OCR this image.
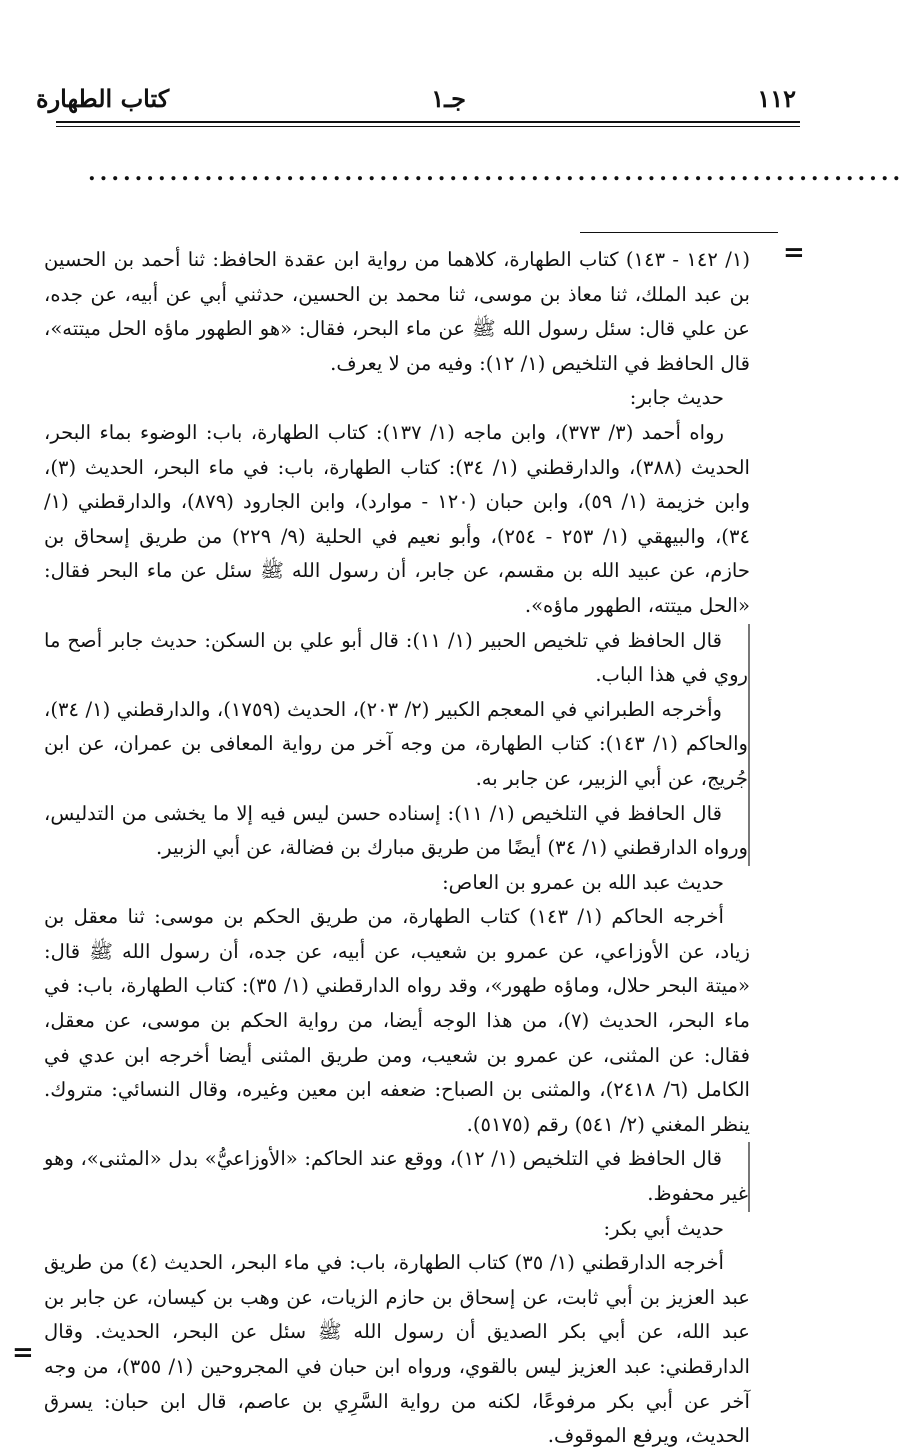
١١٢
جـ١
كتاب الطهارة
......................................................................
=

(١/ ١٤٢ - ١٤٣) كتاب الطهارة، كلاهما من رواية ابن عقدة الحافظ: ثنا أحمد بن الحسين بن عبد الملك، ثنا معاذ بن موسى، ثنا محمد بن الحسين، حدثني أبي عن أبيه، عن جده، عن علي قال: سئل رسول الله ﷺ عن ماء البحر، فقال: «هو الطهور ماؤه الحل ميتته»، قال الحافظ في التلخيص (١/ ١٢): وفيه من لا يعرف.

حديث جابر:

رواه أحمد (٣/ ٣٧٣)، وابن ماجه (١/ ١٣٧): كتاب الطهارة، باب: الوضوء بماء البحر، الحديث (٣٨٨)، والدارقطني (١/ ٣٤): كتاب الطهارة، باب: في ماء البحر، الحديث (٣)، وابن خزيمة (١/ ٥٩)، وابن حبان (١٢٠ - موارد)، وابن الجارود (٨٧٩)، والدارقطني (١/ ٣٤)، والبيهقي (١/ ٢٥٣ - ٢٥٤)، وأبو نعيم في الحلية (٩/ ٢٢٩) من طريق إسحاق بن حازم، عن عبيد الله بن مقسم، عن جابر، أن رسول الله ﷺ سئل عن ماء البحر فقال: «الحل ميتته، الطهور ماؤه».

قال الحافظ في تلخيص الحبير (١/ ١١): قال أبو علي بن السكن: حديث جابر أصح ما روي في هذا الباب.

وأخرجه الطبراني في المعجم الكبير (٢/ ٢٠٣)، الحديث (١٧٥٩)، والدارقطني (١/ ٣٤)، والحاكم (١/ ١٤٣): كتاب الطهارة، من وجه آخر من رواية المعافى بن عمران، عن ابن جُريج، عن أبي الزبير، عن جابر به.

قال الحافظ في التلخيص (١/ ١١): إسناده حسن ليس فيه إلا ما يخشى من التدليس، ورواه الدارقطني (١/ ٣٤) أيضًا من طريق مبارك بن فضالة، عن أبي الزبير.

حديث عبد الله بن عمرو بن العاص:

أخرجه الحاكم (١/ ١٤٣) كتاب الطهارة، من طريق الحكم بن موسى: ثنا معقل بن زياد، عن الأوزاعي، عن عمرو بن شعيب، عن أبيه، عن جده، أن رسول الله ﷺ قال: «ميتة البحر حلال، وماؤه طهور»، وقد رواه الدارقطني (١/ ٣٥): كتاب الطهارة، باب: في ماء البحر، الحديث (٧)، من هذا الوجه أيضا، من رواية الحكم بن موسى، عن معقل، فقال: عن المثنى، عن عمرو بن شعيب، ومن طريق المثنى أيضا أخرجه ابن عدي في الكامل (٦/ ٢٤١٨)، والمثنى بن الصباح: ضعفه ابن معين وغيره، وقال النسائي: متروك. ينظر المغني (٢/ ٥٤١) رقم (٥١٧٥).

قال الحافظ في التلخيص (١/ ١٢)، ووقع عند الحاكم: «الأوزاعيُّ» بدل «المثنى»، وهو غير محفوظ.

حديث أبي بكر:

أخرجه الدارقطني (١/ ٣٥) كتاب الطهارة، باب: في ماء البحر، الحديث (٤) من طريق عبد العزيز بن أبي ثابت، عن إسحاق بن حازم الزيات، عن وهب بن كيسان، عن جابر بن عبد الله، عن أبي بكر الصديق أن رسول الله ﷺ سئل عن البحر، الحديث. وقال الدارقطني: عبد العزيز ليس بالقوي، ورواه ابن حبان في المجروحين (١/ ٣٥٥)، من وجه آخر عن أبي بكر مرفوعًا، لكنه من رواية السَّرِي بن عاصم، قال ابن حبان: يسرق الحديث، ويرفع الموقوف.

=
